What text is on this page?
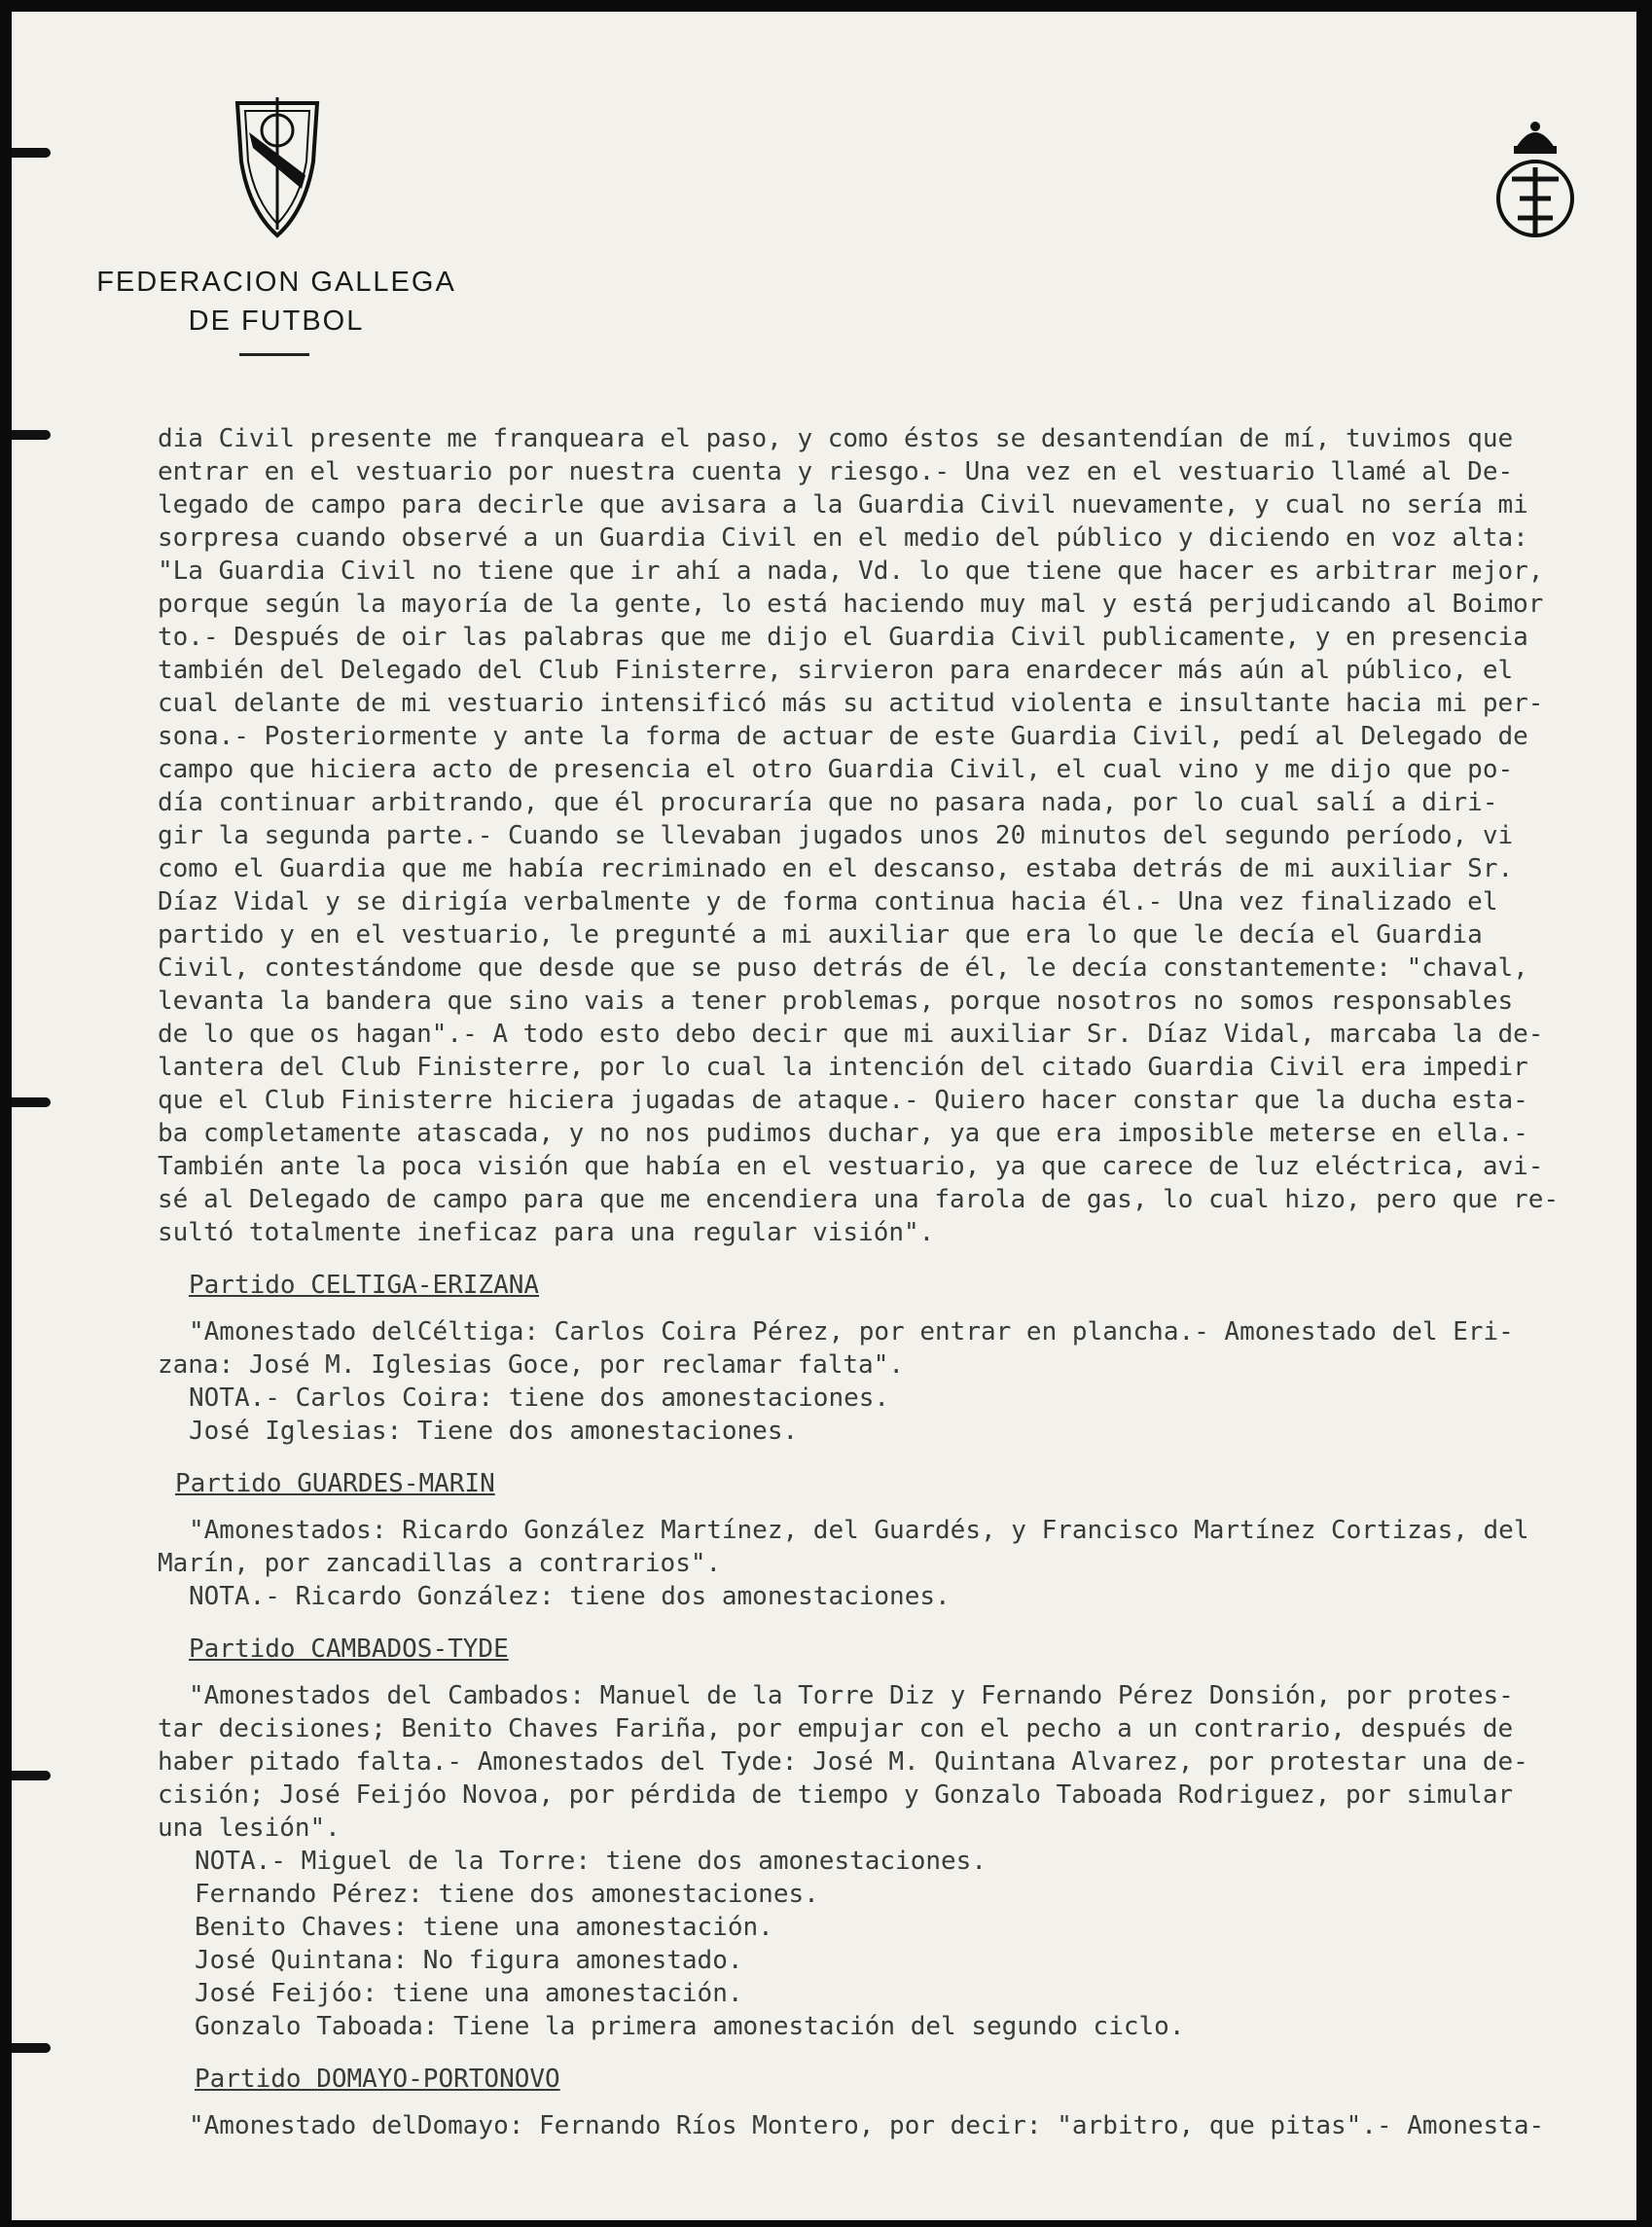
FEDERACION GALLEGA
DE FUTBOL
dia Civil presente me franqueara el paso, y como éstos se desantendían de mí, tuvimos que
entrar en el vestuario por nuestra cuenta y riesgo.- Una vez en el vestuario llamé al De-
legado de campo para decirle que avisara a la Guardia Civil nuevamente, y cual no sería mi
sorpresa cuando observé a un Guardia Civil en el medio del público y diciendo en voz alta:
"La Guardia Civil no tiene que ir ahí a nada, Vd. lo que tiene que hacer es arbitrar mejor,
porque según la mayoría de la gente, lo está haciendo muy mal y está perjudicando al Boimor
to.- Después de oir las palabras que me dijo el Guardia Civil publicamente, y en presencia
también del Delegado del Club Finisterre, sirvieron para enardecer más aún al público, el
cual delante de mi vestuario intensificó más su actitud violenta e insultante hacia mi per-
sona.- Posteriormente y ante la forma de actuar de este Guardia Civil, pedí al Delegado de
campo que hiciera acto de presencia el otro Guardia Civil, el cual vino y me dijo que po-
día continuar arbitrando, que él procuraría que no pasara nada, por lo cual salí a diri-
gir la segunda parte.- Cuando se llevaban jugados unos 20 minutos del segundo período, vi
como el Guardia que me había recriminado en el descanso, estaba detrás de mi auxiliar Sr.
Díaz Vidal y se dirigía verbalmente y de forma continua hacia él.- Una vez finalizado el
partido y en el vestuario, le pregunté a mi auxiliar que era lo que le decía el Guardia
Civil, contestándome que desde que se puso detrás de él, le decía constantemente: "chaval,
levanta la bandera que sino vais a tener problemas, porque nosotros no somos responsables
de lo que os hagan".- A todo esto debo decir que mi auxiliar Sr. Díaz Vidal, marcaba la de-
lantera del Club Finisterre, por lo cual la intención del citado Guardia Civil era impedir
que el Club Finisterre hiciera jugadas de ataque.- Quiero hacer constar que la ducha esta-
ba completamente atascada, y no nos pudimos duchar, ya que era imposible meterse en ella.-
También ante la poca visión que había en el vestuario, ya que carece de luz eléctrica, avi-
sé al Delegado de campo para que me encendiera una farola de gas, lo cual hizo, pero que re-
sultó totalmente ineficaz para una regular visión".
Partido CELTIGA-ERIZANA
"Amonestado delCéltiga: Carlos Coira Pérez, por entrar en plancha.- Amonestado del Eri-
zana: José M. Iglesias Goce, por reclamar falta".
NOTA.- Carlos Coira: tiene dos amonestaciones.
José Iglesias: Tiene dos amonestaciones.
Partido GUARDES-MARIN
"Amonestados: Ricardo González Martínez, del Guardés, y Francisco Martínez Cortizas, del
Marín, por zancadillas a contrarios".
NOTA.- Ricardo González: tiene dos amonestaciones.
Partido CAMBADOS-TYDE
"Amonestados del Cambados: Manuel de la Torre Diz y Fernando Pérez Donsión, por protes-
tar decisiones; Benito Chaves Fariña, por empujar con el pecho a un contrario, después de
haber pitado falta.- Amonestados del Tyde: José M. Quintana Alvarez, por protestar una de-
cisión; José Feijóo Novoa, por pérdida de tiempo y Gonzalo Taboada Rodriguez, por simular
una lesión".
NOTA.- Miguel de la Torre: tiene dos amonestaciones.
Fernando Pérez: tiene dos amonestaciones.
Benito Chaves: tiene una amonestación.
José Quintana: No figura amonestado.
José Feijóo: tiene una amonestación.
Gonzalo Taboada: Tiene la primera amonestación del segundo ciclo.
Partido DOMAYO-PORTONOVO
"Amonestado delDomayo: Fernando Ríos Montero, por decir: "arbitro, que pitas".- Amonesta-
